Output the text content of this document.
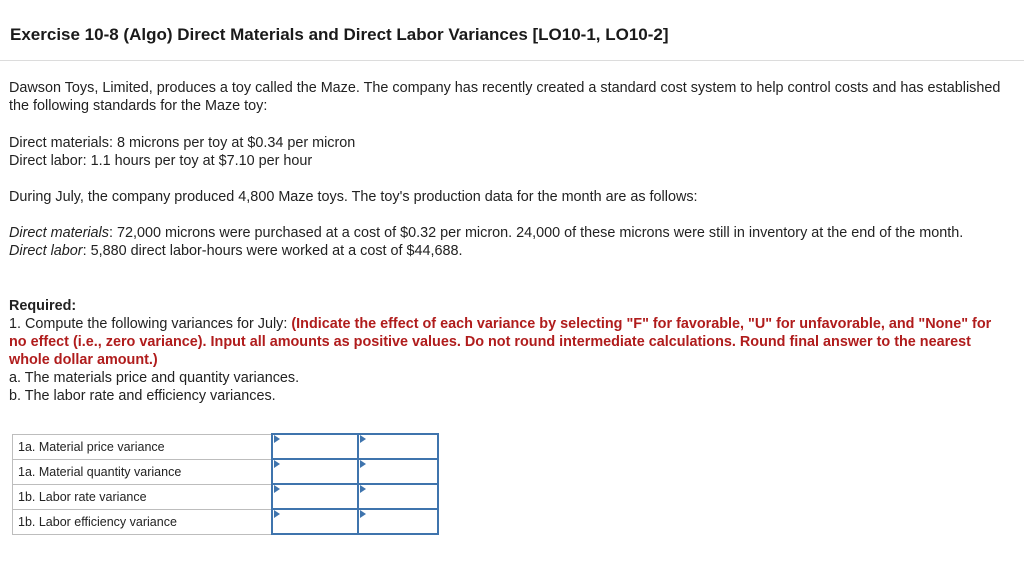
Exercise 10-8 (Algo) Direct Materials and Direct Labor Variances [LO10-1, LO10-2]

Dawson Toys, Limited, produces a toy called the Maze. The company has recently created a standard cost system to help control costs and has established the following standards for the Maze toy:

Direct materials: 8 microns per toy at $0.34 per micron

Direct labor: 1.1 hours per toy at $7.10 per hour

During July, the company produced 4,800 Maze toys. The toy's production data for the month are as follows:

Direct materials: 72,000 microns were purchased at a cost of $0.32 per micron. 24,000 of these microns were still in inventory at the end of the month.

Direct labor: 5,880 direct labor-hours were worked at a cost of $44,688.

Required:

1. Compute the following variances for July: (Indicate the effect of each variance by selecting "F" for favorable, "U" for unfavorable, and "None" for no effect (i.e., zero variance). Input all amounts as positive values. Do not round intermediate calculations. Round final answer to the nearest whole dollar amount.)

a. The materials price and quantity variances.

b. The labor rate and efficiency variances.

1a. Material price variance	

1a. Material quantity variance	

1b. Labor rate variance	

1b. Labor efficiency variance	
